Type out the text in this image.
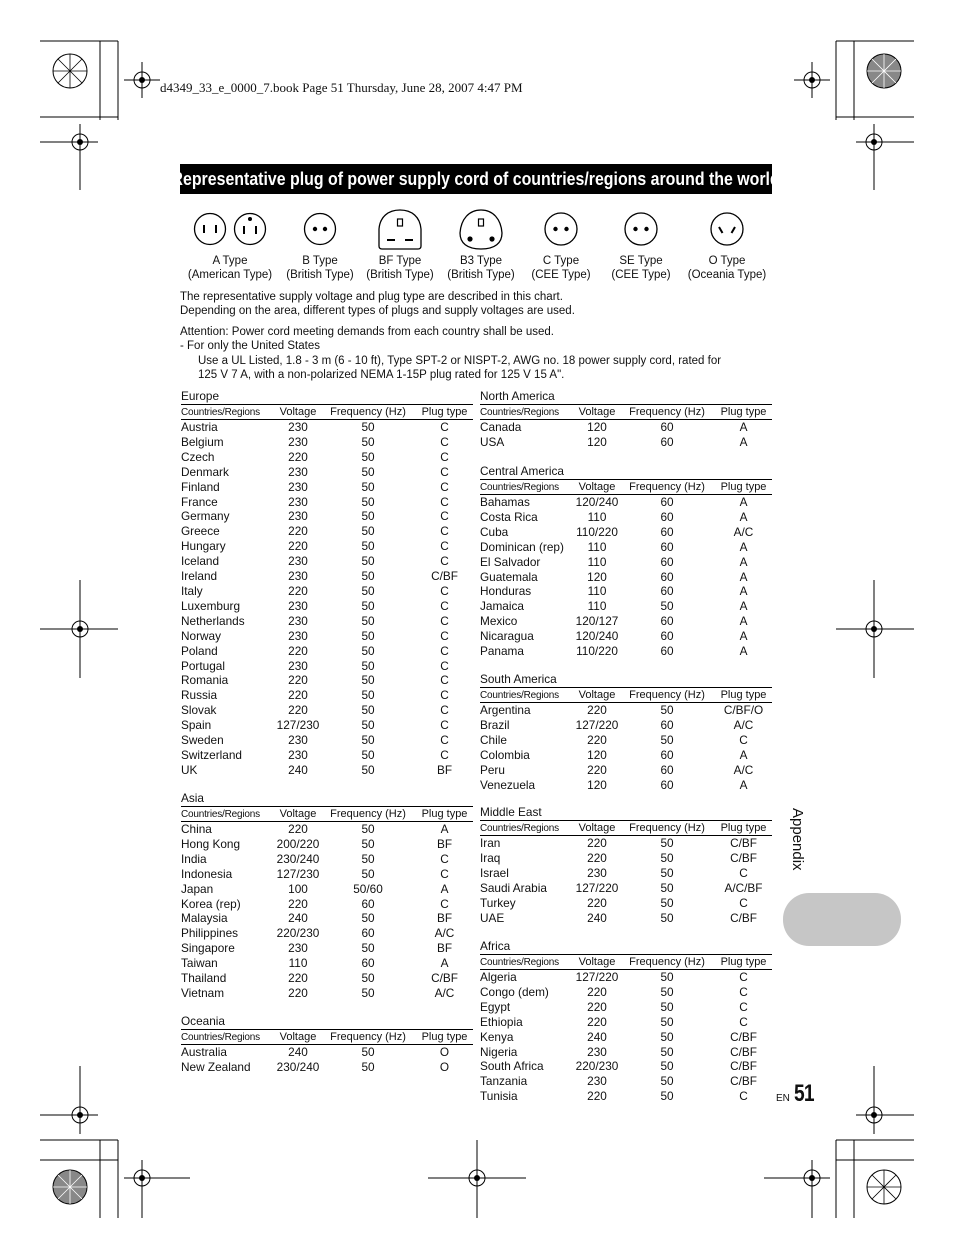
d4349_33_e_0000_7.book Page 51 Thursday, June 28, 2007 4:47 PM
Representative plug of power supply cord of countries/regions around the world
A Type
(American Type)
B Type
(British Type)
BF Type
(British Type)
B3 Type
(British Type)
C Type
(CEE Type)
SE Type
(CEE Type)
O Type
(Oceania Type)
The representative supply voltage and plug type are described in this chart.
Depending on the area, different types of plugs and supply voltages are used.
Attention: Power cord meeting demands from each country shall be used.
- For only the United States
Use a UL Listed, 1.8 - 3 m (6 - 10 ft), Type SPT-2 or NISPT-2, AWG no. 18 power supply cord, rated for
125 V 7 A, with a non-polarized NEMA 1-15P plug rated for 125 V 15 A".
Europe
Countries/Regions	Voltage	Frequency (Hz)	Plug type
Austria	230	50	C
Belgium	230	50	C
Czech	220	50	C
Denmark	230	50	C
Finland	230	50	C
France	230	50	C
Germany	230	50	C
Greece	220	50	C
Hungary	220	50	C
Iceland	230	50	C
Ireland	230	50	C/BF
Italy	220	50	C
Luxemburg	230	50	C
Netherlands	230	50	C
Norway	230	50	C
Poland	220	50	C
Portugal	230	50	C
Romania	220	50	C
Russia	220	50	C
Slovak	220	50	C
Spain	127/230	50	C
Sweden	230	50	C
Switzerland	230	50	C
UK	240	50	BF
Asia
Countries/Regions	Voltage	Frequency (Hz)	Plug type
China	220	50	A
Hong Kong	200/220	50	BF
India	230/240	50	C
Indonesia	127/230	50	C
Japan	100	50/60	A
Korea (rep)	220	60	C
Malaysia	240	50	BF
Philippines	220/230	60	A/C
Singapore	230	50	BF
Taiwan	110	60	A
Thailand	220	50	C/BF
Vietnam	220	50	A/C
Oceania
Countries/Regions	Voltage	Frequency (Hz)	Plug type
Australia	240	50	O
New Zealand	230/240	50	O
North America
Countries/Regions	Voltage	Frequency (Hz)	Plug type
Canada	120	60	A
USA	120	60	A
Central America
Countries/Regions	Voltage	Frequency (Hz)	Plug type
Bahamas	120/240	60	A
Costa Rica	110	60	A
Cuba	110/220	60	A/C
Dominican (rep)	110	60	A
El Salvador	110	60	A
Guatemala	120	60	A
Honduras	110	60	A
Jamaica	110	50	A
Mexico	120/127	60	A
Nicaragua	120/240	60	A
Panama	110/220	60	A
South America
Countries/Regions	Voltage	Frequency (Hz)	Plug type
Argentina	220	50	C/BF/O
Brazil	127/220	60	A/C
Chile	220	50	C
Colombia	120	60	A
Peru	220	60	A/C
Venezuela	120	60	A
Middle East
Countries/Regions	Voltage	Frequency (Hz)	Plug type
Iran	220	50	C/BF
Iraq	220	50	C/BF
Israel	230	50	C
Saudi Arabia	127/220	50	A/C/BF
Turkey	220	50	C
UAE	240	50	C/BF
Africa
Countries/Regions	Voltage	Frequency (Hz)	Plug type
Algeria	127/220	50	C
Congo (dem)	220	50	C
Egypt	220	50	C
Ethiopia	220	50	C
Kenya	240	50	C/BF
Nigeria	230	50	C/BF
South Africa	220/230	50	C/BF
Tanzania	230	50	C/BF
Tunisia	220	50	C
Appendix
EN 51
